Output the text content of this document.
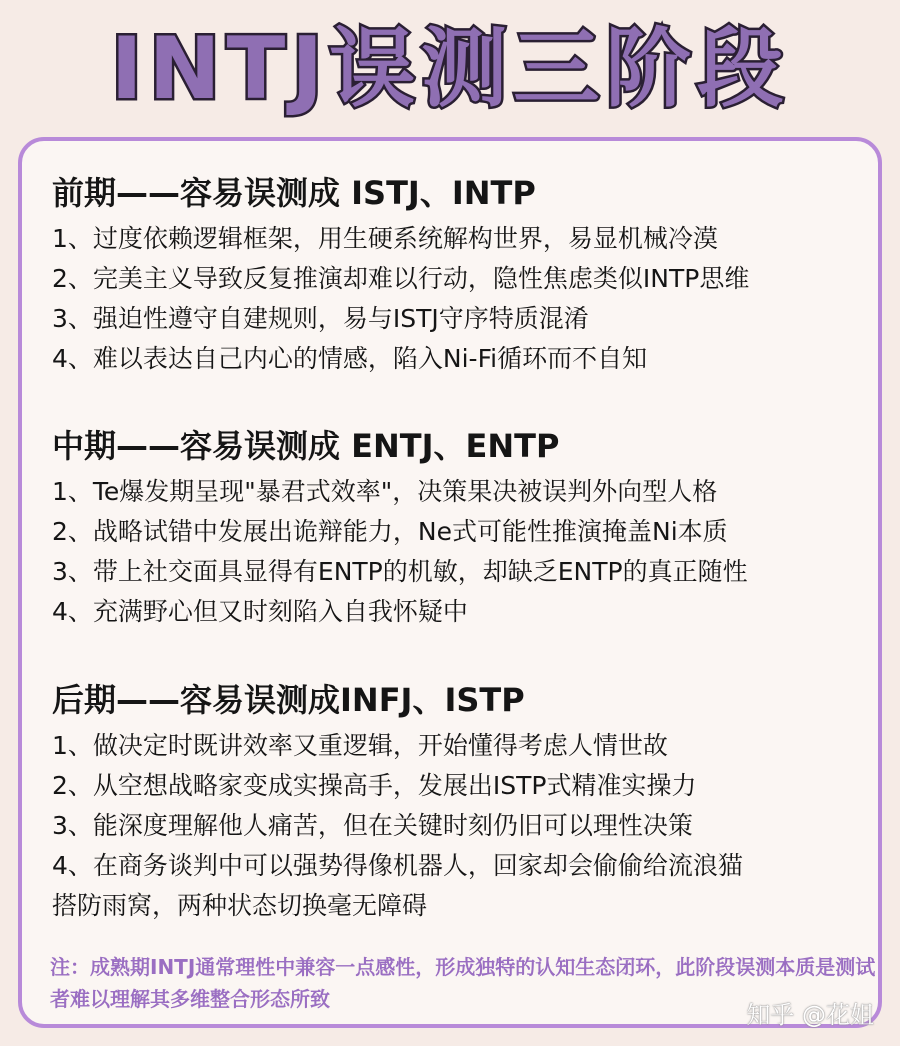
INTJ误测三阶段
前期——容易误测成 ISTJ、INTP
1、过度依赖逻辑框架，用生硬系统解构世界，易显机械冷漠
2、完美主义导致反复推演却难以行动，隐性焦虑类似INTP思维
3、强迫性遵守自建规则，易与ISTJ守序特质混淆
4、难以表达自己内心的情感，陷入Ni-Fi循环而不自知
中期——容易误测成 ENTJ、ENTP
1、Te爆发期呈现"暴君式效率"，决策果决被误判外向型人格
2、战略试错中发展出诡辩能力，Ne式可能性推演掩盖Ni本质
3、带上社交面具显得有ENTP的机敏，却缺乏ENTP的真正随性
4、充满野心但又时刻陷入自我怀疑中
后期——容易误测成INFJ、ISTP
1、做决定时既讲效率又重逻辑，开始懂得考虑人情世故
2、从空想战略家变成实操高手，发展出ISTP式精准实操力
3、能深度理解他人痛苦，但在关键时刻仍旧可以理性决策
4、在商务谈判中可以强势得像机器人，回家却会偷偷给流浪猫
搭防雨窝，两种状态切换毫无障碍
注：成熟期INTJ通常理性中兼容一点感性，形成独特的认知生态闭环，此阶段误测本质是测试者难以理解其多维整合形态所致
知乎 @花姐
